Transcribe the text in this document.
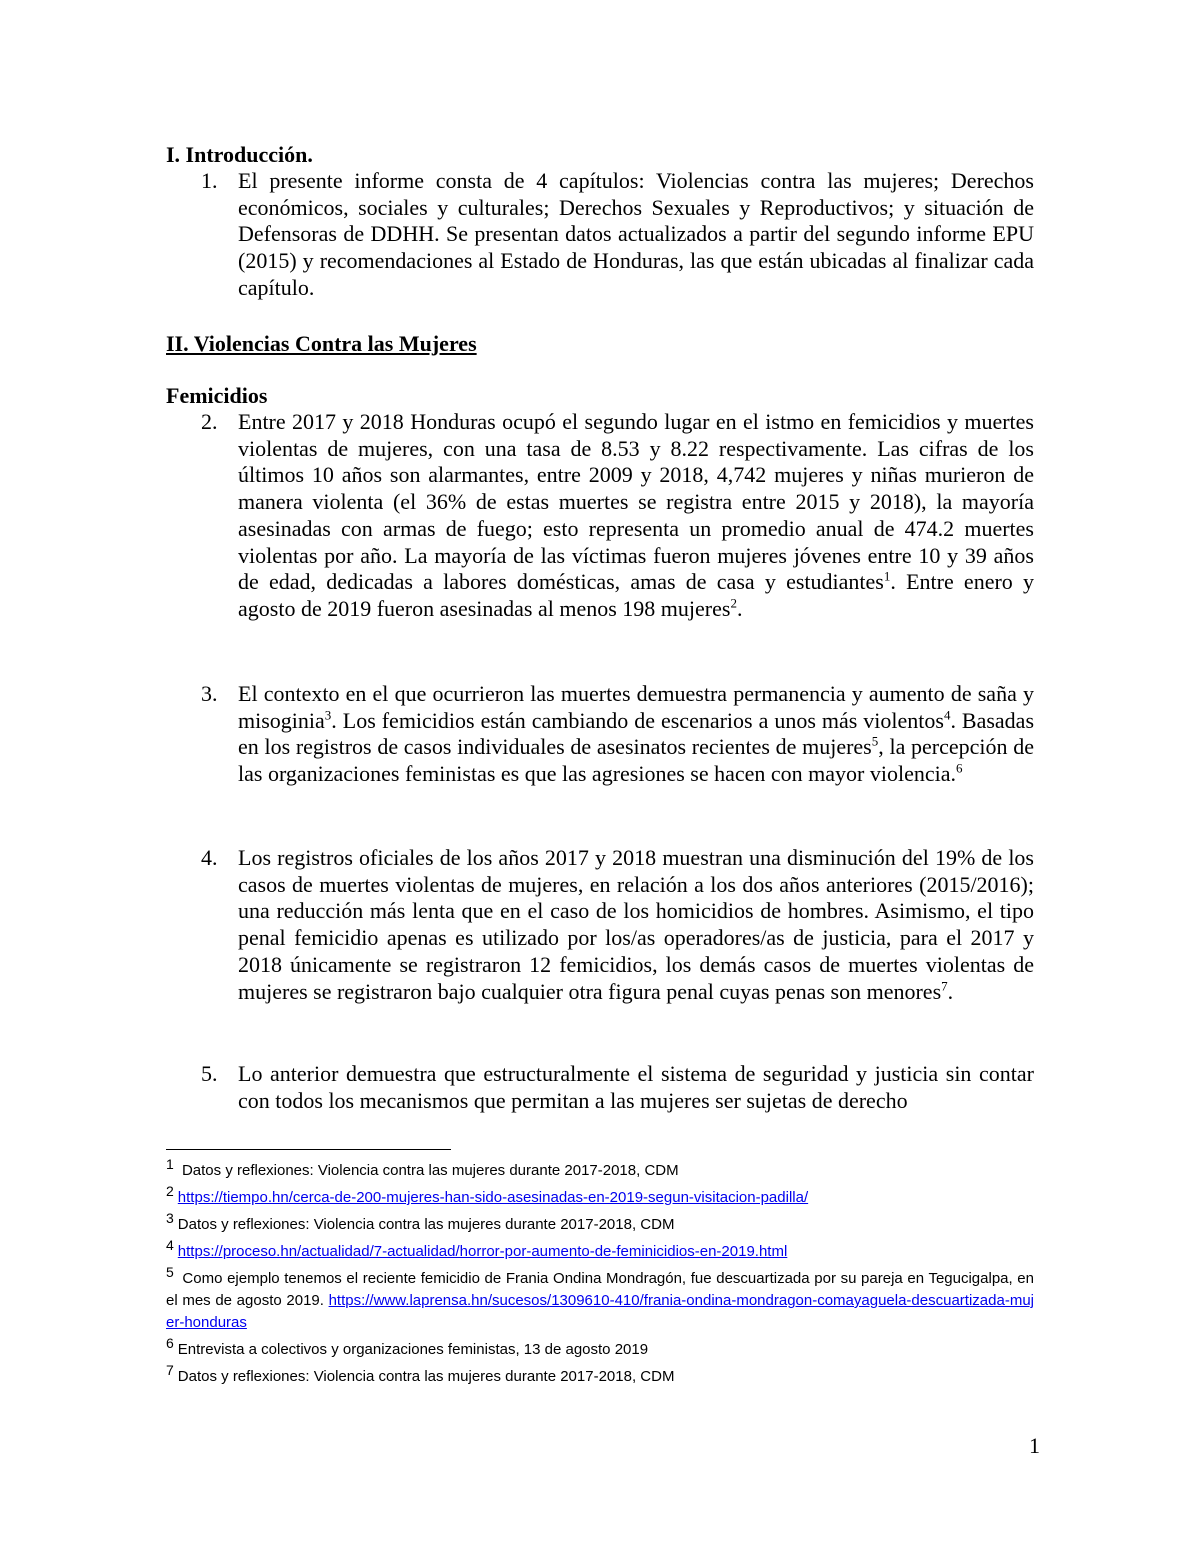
I. Introducción.
1. El presente informe consta de 4 capítulos: Violencias contra las mujeres; Derechos económicos, sociales y culturales; Derechos Sexuales y Reproductivos; y situación de Defensoras de DDHH. Se presentan datos actualizados a partir del segundo informe EPU (2015) y recomendaciones al Estado de Honduras, las que están ubicadas al finalizar cada capítulo.
II. Violencias Contra las Mujeres
Femicidios
2. Entre 2017 y 2018 Honduras ocupó el segundo lugar en el istmo en femicidios y muertes violentas de mujeres, con una tasa de 8.53 y 8.22 respectivamente. Las cifras de los últimos 10 años son alarmantes, entre 2009 y 2018, 4,742 mujeres y niñas murieron de manera violenta (el 36% de estas muertes se registra entre 2015 y 2018), la mayoría asesinadas con armas de fuego; esto representa un promedio anual de 474.2 muertes violentas por año. La mayoría de las víctimas fueron mujeres jóvenes entre 10 y 39 años de edad, dedicadas a labores domésticas, amas de casa y estudiantes$^1$. Entre enero y agosto de 2019 fueron asesinadas al menos 198 mujeres$^2$.
3. El contexto en el que ocurrieron las muertes demuestra permanencia y aumento de saña y misoginia$^3$. Los femicidios están cambiando de escenarios a unos más violentos$^4$. Basadas en los registros de casos individuales de asesinatos recientes de mujeres$^5$, la percepción de las organizaciones feministas es que las agresiones se hacen con mayor violencia.$^6$
4. Los registros oficiales de los años 2017 y 2018 muestran una disminución del 19% de los casos de muertes violentas de mujeres, en relación a los dos años anteriores (2015/2016); una reducción más lenta que en el caso de los homicidios de hombres. Asimismo, el tipo penal femicidio apenas es utilizado por los/as operadores/as de justicia, para el 2017 y 2018 únicamente se registraron 12 femicidios, los demás casos de muertes violentas de mujeres se registraron bajo cualquier otra figura penal cuyas penas son menores$^7$.
5. Lo anterior demuestra que estructuralmente el sistema de seguridad y justicia sin contar con todos los mecanismos que permitan a las mujeres ser sujetas de derecho
1 Datos y reflexiones: Violencia contra las mujeres durante 2017-2018, CDM
2 https://tiempo.hn/cerca-de-200-mujeres-han-sido-asesinadas-en-2019-segun-visitacion-padilla/
3 Datos y reflexiones: Violencia contra las mujeres durante 2017-2018, CDM
4 https://proceso.hn/actualidad/7-actualidad/horror-por-aumento-de-feminicidios-en-2019.html
5 Como ejemplo tenemos el reciente femicidio de Frania Ondina Mondragón, fue descuartizada por su pareja en Tegucigalpa, en el mes de agosto 2019. https://www.laprensa.hn/sucesos/1309610-410/frania-ondina-mondragon-comayaguela-descuartizada-mujer-honduras
6 Entrevista a colectivos y organizaciones feministas, 13 de agosto 2019
7 Datos y reflexiones: Violencia contra las mujeres durante 2017-2018, CDM
1
